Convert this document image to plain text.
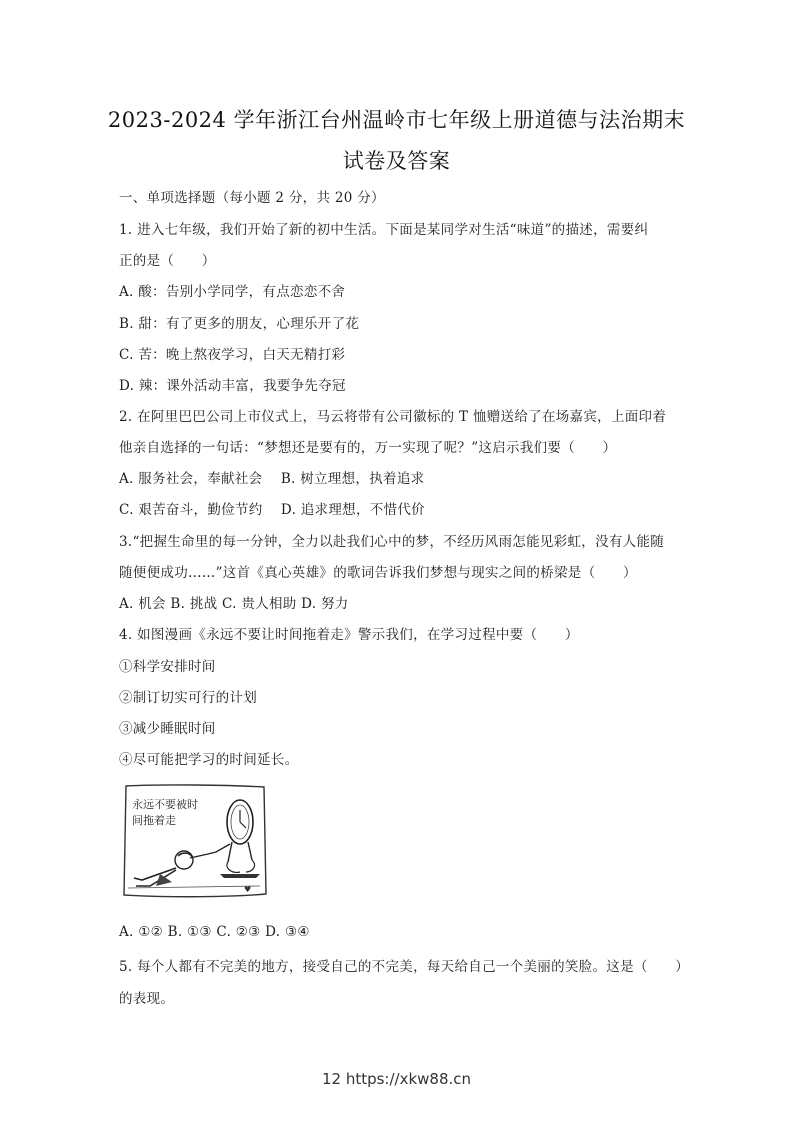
2023-2024 学年浙江台州温岭市七年级上册道德与法治期末
试卷及答案
一、单项选择题（每小题 2 分，共 20 分）
1. 进入七年级，我们开始了新的初中生活。下面是某同学对生活“味道”的描述，需要纠
正的是（　　）
A. 酸：告别小学同学，有点恋恋不舍
B. 甜：有了更多的朋友，心理乐开了花
C. 苦：晚上熬夜学习，白天无精打彩
D. 辣：课外活动丰富，我要争先夺冠
2. 在阿里巴巴公司上市仪式上，马云将带有公司徽标的 T 恤赠送给了在场嘉宾，上面印着
他亲自选择的一句话：“梦想还是要有的，万一实现了呢？”这启示我们要（　　）
A. 服务社会，奉献社会　 B. 树立理想，执着追求
C. 艰苦奋斗，勤俭节约　 D. 追求理想，不惜代价
3.“把握生命里的每一分钟，全力以赴我们心中的梦，不经历风雨怎能见彩虹，没有人能随
随便便成功……”这首《真心英雄》的歌词告诉我们梦想与现实之间的桥梁是（　　）
A. 机会 B. 挑战 C. 贵人相助 D. 努力
4. 如图漫画《永远不要让时间拖着走》警示我们，在学习过程中要（　　）
①科学安排时间
②制订切实可行的计划
③减少睡眠时间
④尽可能把学习的时间延长。
永远不要被时
间拖着走
♥
A. ①② B. ①③ C. ②③ D. ③④
5. 每个人都有不完美的地方，接受自己的不完美，每天给自己一个美丽的笑脸。这是（　　）
的表现。
12 https://xkw88.cn
